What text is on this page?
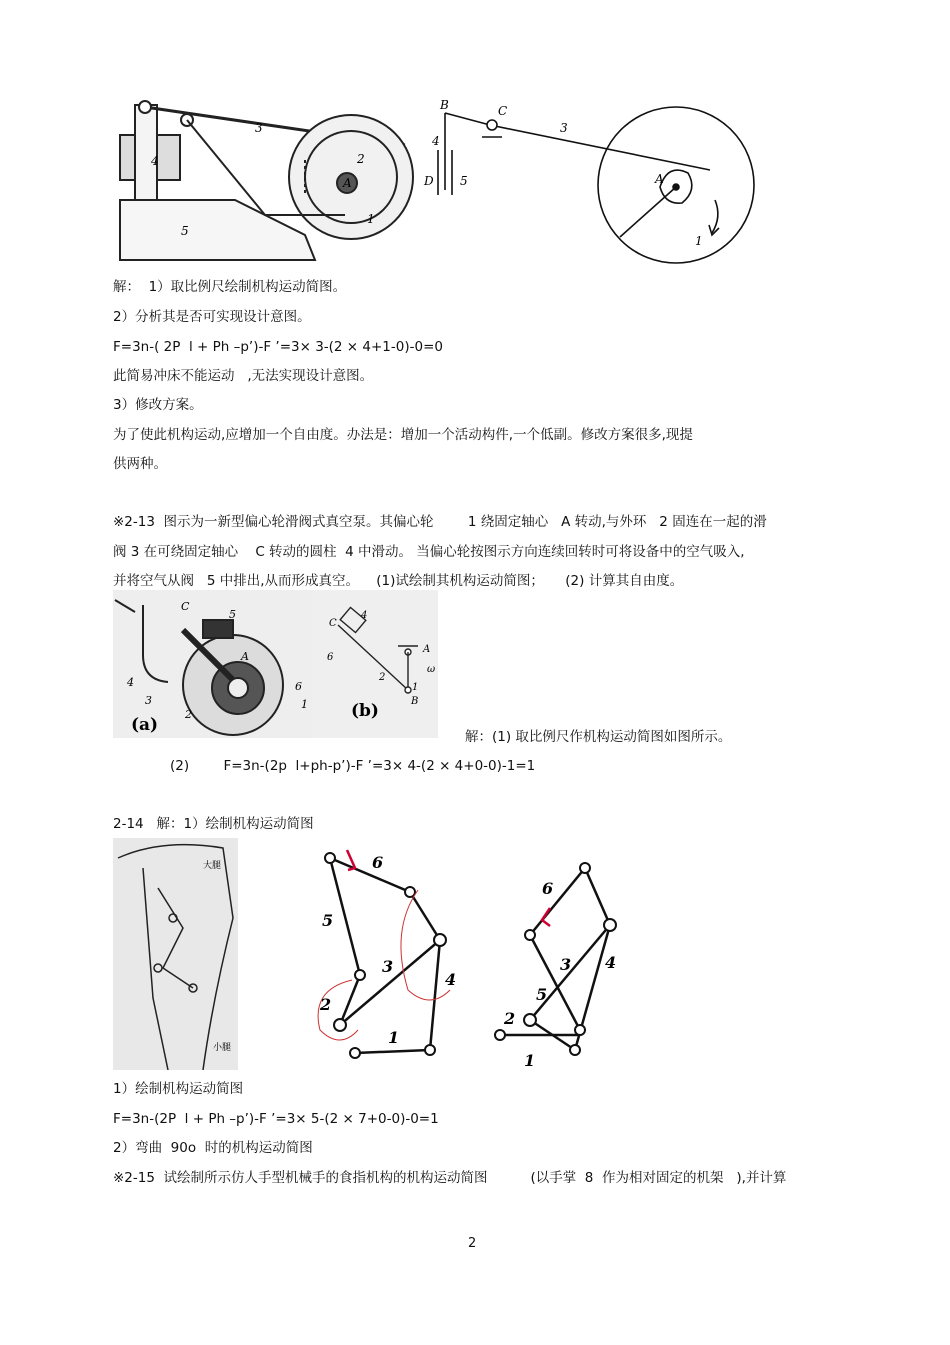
3
4	2
A
5
1
B	C
3
4
D 5	A
1
解：  1）取比例尺绘制机构运动简图。
2）分析其是否可实现设计意图。
F=3n-( 2P  l + Ph –p’)-F ’=3× 3-(2 × 4+1-0)-0=0
此简易冲床不能运动   ,无法实现设计意图。
3）修改方案。
为了使此机构运动,应增加一个自由度。办法是：增加一个活动构件,一个低副。修改方案很多,现提
供两种。
※2-13  图示为一新型偏心轮滑阀式真空泵。其偏心轮        1 绕固定轴心   A 转动,与外环   2 固连在一起的滑
阀 3 在可绕固定轴心    C 转动的圆柱  4 中滑动。 当偏心轮按图示方向连续回转时可将设备中的空气吸入,
并将空气从阀   5 中排出,从而形成真空。    (1)试绘制其机构运动简图；     (2) 计算其自由度。
C
5
A
4
3
2
6
1
(a)
C
4
6
A
ω
2
1
B
(b)
解：(1) 取比例尺作机构运动简图如图所示。
(2)        F=3n-(2p  l+ph-p’)-F ’=3× 4-(2 × 4+0-0)-1=1
2-14   解：1）绘制机构运动简图
大腿
小腿
6
5
3
4
2
1
6
3 4
5
2
1
1）绘制机构运动简图
F=3n-(2P  l + Ph –p’)-F ’=3× 5-(2 × 7+0-0)-0=1
2）弯曲  90o  时的机构运动简图
※2-15  试绘制所示仿人手型机械手的食指机构的机构运动简图          (以手掌  8  作为相对固定的机架   ),并计算
2
